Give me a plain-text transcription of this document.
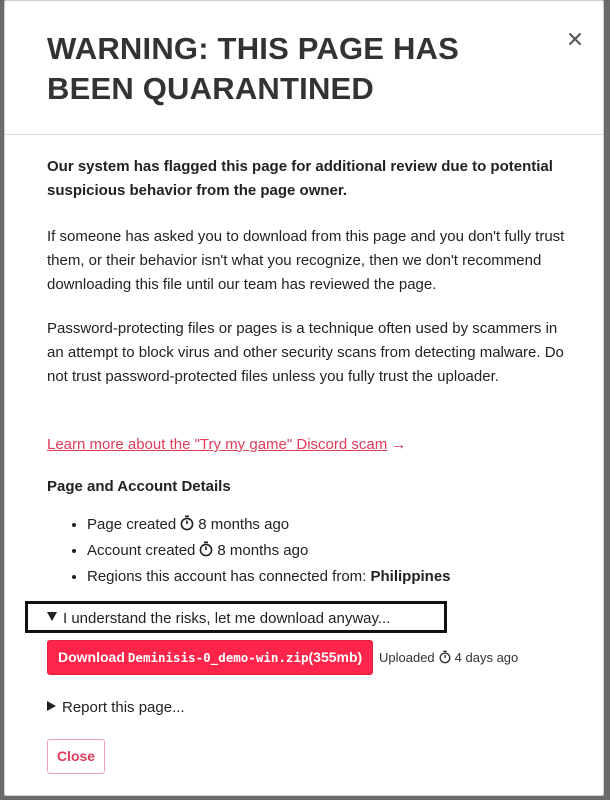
WARNING: THIS PAGE HAS BEEN QUARANTINED

Our system has flagged this page for additional review due to potential suspicious behavior from the page owner.

If someone has asked you to download from this page and you don't fully trust them, or their behavior isn't what you recognize, then we don't recommend downloading this file until our team has reviewed the page.

Password-protecting files or pages is a technique often used by scammers in an attempt to block virus and other security scans from detecting malware. Do not trust password-protected files unless you fully trust the uploader.

Learn more about the "Try my game" Discord scam →
Page and Account Details
• Page created 8 months ago
• Account created 8 months ago
• Regions this account has connected from: Philippines
I understand the risks, let me download anyway...
Download Deminisis-0_demo-win.zip(355mb)	Uploaded 4 days ago
Report this page...
Close
